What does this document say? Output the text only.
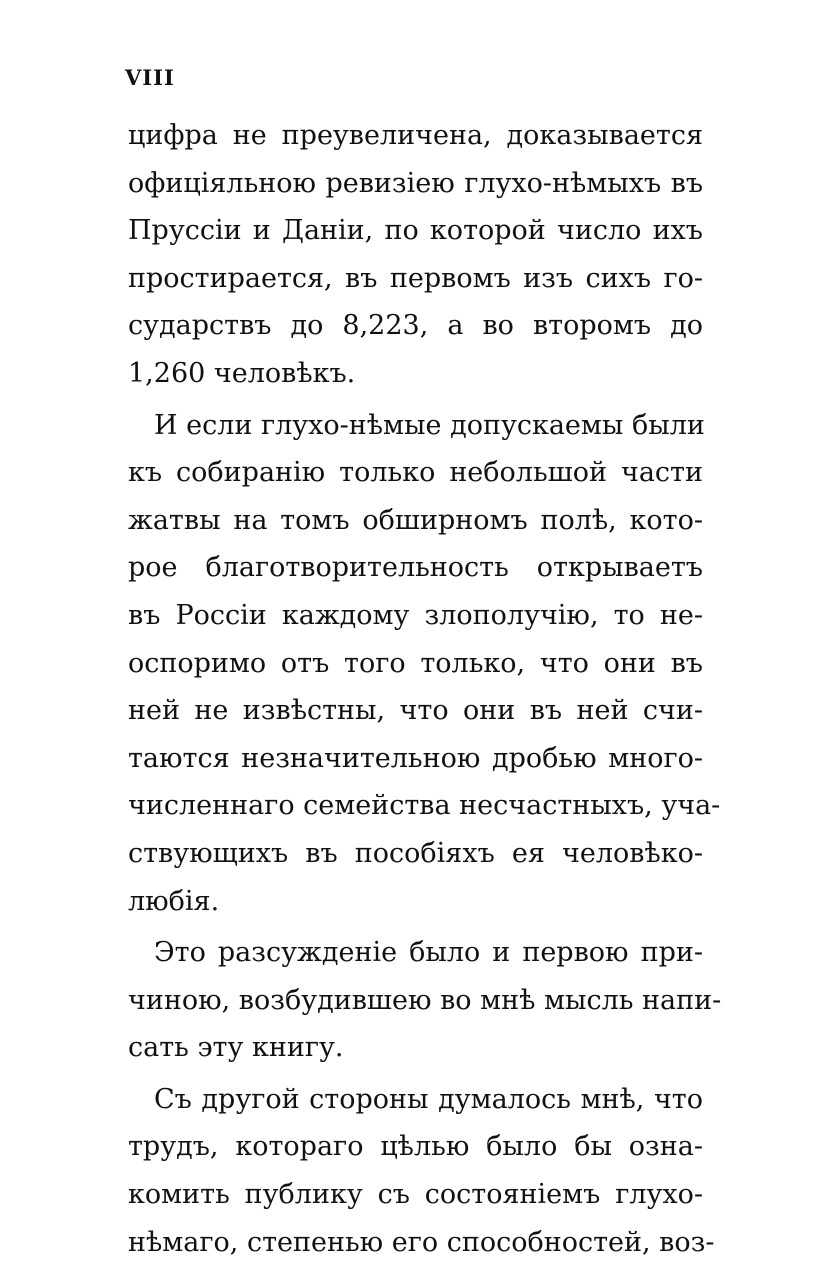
VIII
цифра не преувеличена, доказывается
офиціяльною ревизіею глухо-нѣмыхъ въ
Пруссіи и Даніи, по которой число ихъ
простирается, въ первомъ изъ сихъ го-
сударствъ до 8,223, а во второмъ до
1,260 человѣкъ.
И если глухо-нѣмые допускаемы были
къ собиранію только небольшой части
жатвы на томъ обширномъ полѣ, кото-
рое благотворительность открываетъ
въ Россіи каждому злополучію, то не-
оспоримо отъ того только, что они въ
ней не извѣстны, что они въ ней счи-
таются незначительною дробью много-
численнаго семейства несчастныхъ, уча-
ствующихъ въ пособіяхъ ея человѣко-
любія.
Это разсужденіе было и первою при-
чиною, возбудившею во мнѣ мысль напи-
сать эту книгу.
Съ другой стороны думалось мнѣ, что
трудъ, котораго цѣлью было бы озна-
комить публику съ состояніемъ глухо-
нѣмаго, степенью его способностей, воз-
